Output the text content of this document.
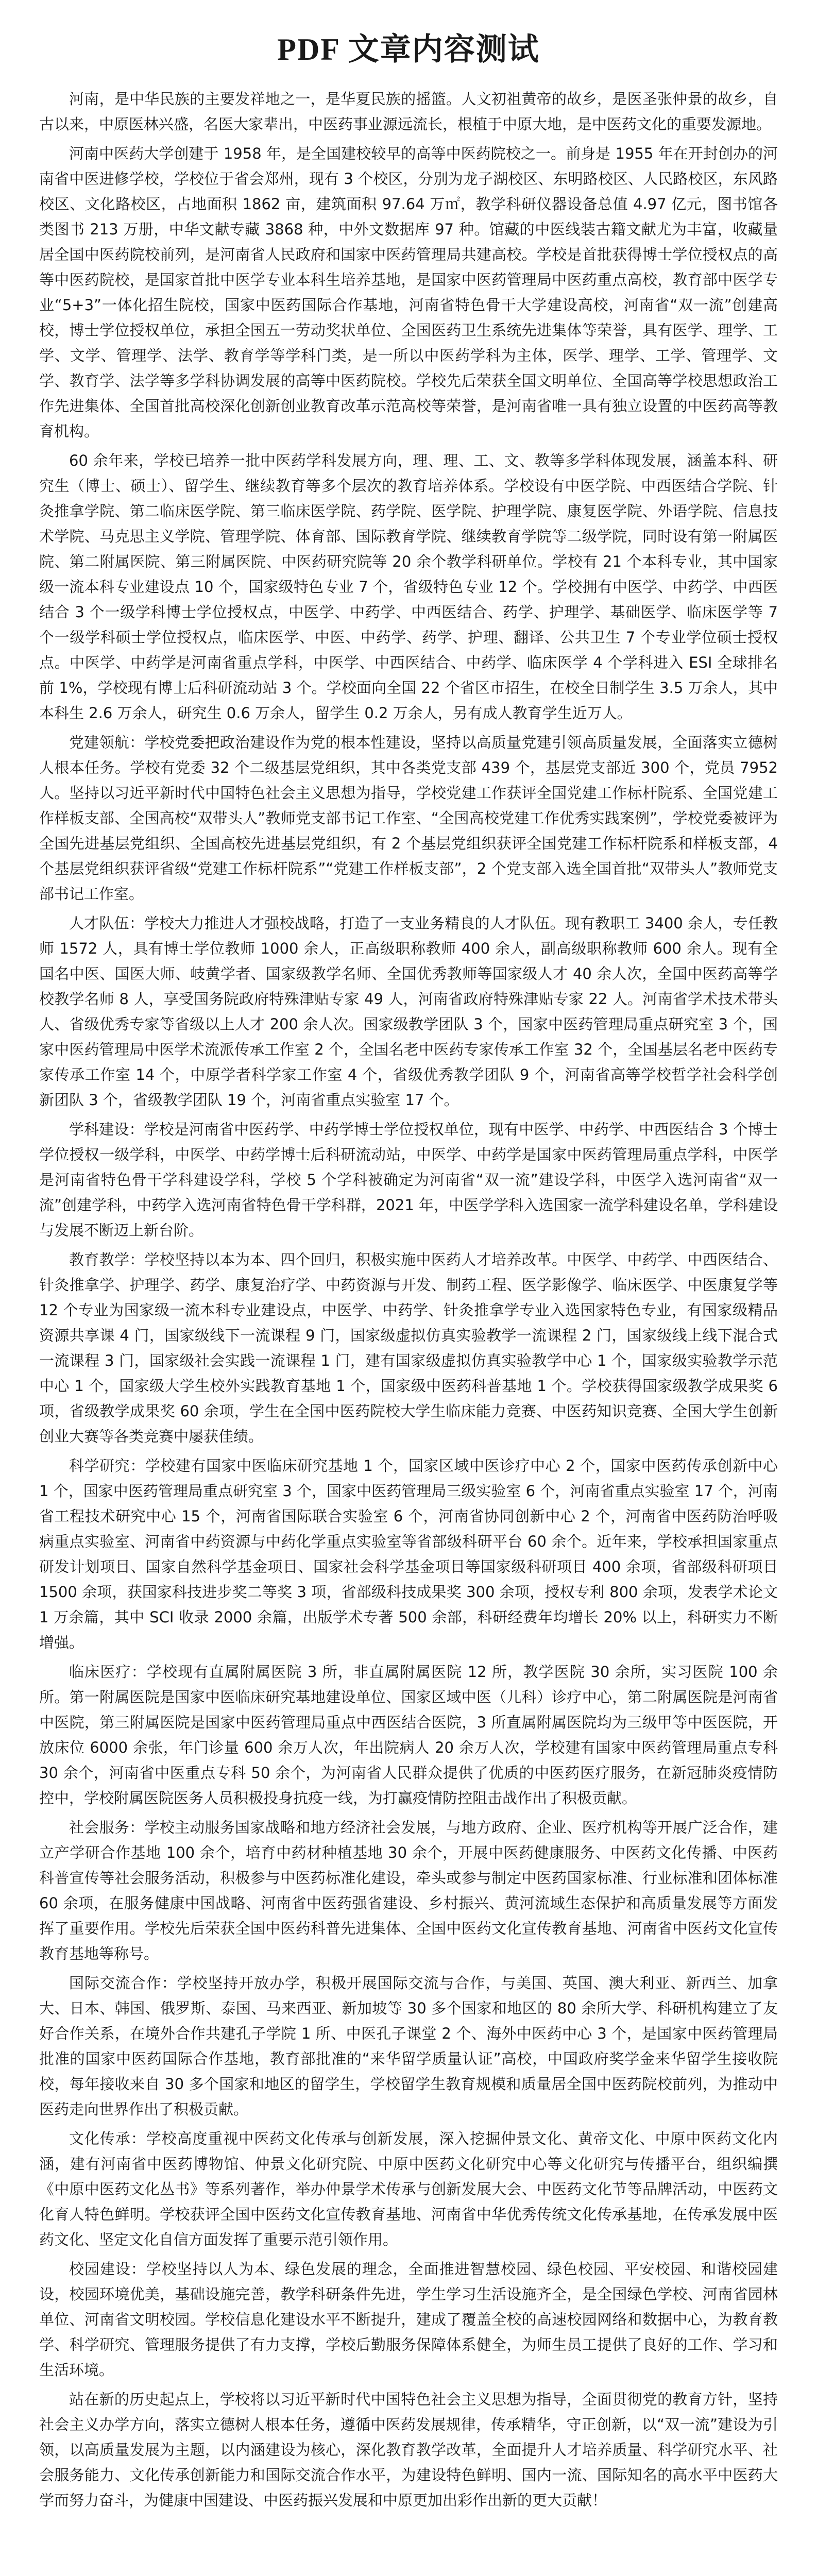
PDF 文章内容测试

河南，是中华民族的主要发祥地之一，是华夏民族的摇篮。人文初祖黄帝的故乡，是医圣张仲景的故乡，自古以来，中原医林兴盛，名医大家辈出，中医药事业源远流长，根植于中原大地，是中医药文化的重要发源地。

河南中医药大学创建于 1958 年，是全国建校较早的高等中医药院校之一。前身是 1955 年在开封创办的河南省中医进修学校，学校位于省会郑州，现有 3 个校区，分别为龙子湖校区、东明路校区、人民路校区，东风路校区、文化路校区，占地面积 1862 亩，建筑面积 97.64 万㎡，教学科研仪器设备总值 4.97 亿元，图书馆各类图书 213 万册，中华文献专藏 3868 种，中外文数据库 97 种。馆藏的中医线装古籍文献尤为丰富，收藏量居全国中医药院校前列，是河南省人民政府和国家中医药管理局共建高校。学校是首批获得博士学位授权点的高等中医药院校，是国家首批中医学专业本科生培养基地，是国家中医药管理局中医药重点高校，教育部中医学专业“5+3”一体化招生院校，国家中医药国际合作基地，河南省特色骨干大学建设高校，河南省“双一流”创建高校，博士学位授权单位，承担全国五一劳动奖状单位、全国医药卫生系统先进集体等荣誉，具有医学、理学、工学、文学、管理学、法学、教育学等学科门类，是一所以中医药学科为主体，医学、理学、工学、管理学、文学、教育学、法学等多学科协调发展的高等中医药院校。学校先后荣获全国文明单位、全国高等学校思想政治工作先进集体、全国首批高校深化创新创业教育改革示范高校等荣誉，是河南省唯一具有独立设置的中医药高等教育机构。

60 余年来，学校已培养一批中医药学科发展方向，理、理、工、文、教等多学科体现发展，涵盖本科、研究生（博士、硕士）、留学生、继续教育等多个层次的教育培养体系。学校设有中医学院、中西医结合学院、针灸推拿学院、第二临床医学院、第三临床医学院、药学院、医学院、护理学院、康复医学院、外语学院、信息技术学院、马克思主义学院、管理学院、体育部、国际教育学院、继续教育学院等二级学院，同时设有第一附属医院、第二附属医院、第三附属医院、中医药研究院等 20 余个教学科研单位。学校有 21 个本科专业，其中国家级一流本科专业建设点 10 个，国家级特色专业 7 个，省级特色专业 12 个。学校拥有中医学、中药学、中西医结合 3 个一级学科博士学位授权点，中医学、中药学、中西医结合、药学、护理学、基础医学、临床医学等 7 个一级学科硕士学位授权点，临床医学、中医、中药学、药学、护理、翻译、公共卫生 7 个专业学位硕士授权点。中医学、中药学是河南省重点学科，中医学、中西医结合、中药学、临床医学 4 个学科进入 ESI 全球排名前 1%，学校现有博士后科研流动站 3 个。学校面向全国 22 个省区市招生，在校全日制学生 3.5 万余人，其中本科生 2.6 万余人，研究生 0.6 万余人，留学生 0.2 万余人，另有成人教育学生近万人。

党建领航：学校党委把政治建设作为党的根本性建设，坚持以高质量党建引领高质量发展，全面落实立德树人根本任务。学校有党委 32 个二级基层党组织，其中各类党支部 439 个，基层党支部近 300 个，党员 7952 人。坚持以习近平新时代中国特色社会主义思想为指导，学校党建工作获评全国党建工作标杆院系、全国党建工作样板支部、全国高校“双带头人”教师党支部书记工作室、“全国高校党建工作优秀实践案例”，学校党委被评为全国先进基层党组织、全国高校先进基层党组织，有 2 个基层党组织获评全国党建工作标杆院系和样板支部，4 个基层党组织获评省级“党建工作标杆院系”“党建工作样板支部”，2 个党支部入选全国首批“双带头人”教师党支部书记工作室。

人才队伍：学校大力推进人才强校战略，打造了一支业务精良的人才队伍。现有教职工 3400 余人，专任教师 1572 人，具有博士学位教师 1000 余人，正高级职称教师 400 余人，副高级职称教师 600 余人。现有全国名中医、国医大师、岐黄学者、国家级教学名师、全国优秀教师等国家级人才 40 余人次，全国中医药高等学校教学名师 8 人，享受国务院政府特殊津贴专家 49 人，河南省政府特殊津贴专家 22 人。河南省学术技术带头人、省级优秀专家等省级以上人才 200 余人次。国家级教学团队 3 个，国家中医药管理局重点研究室 3 个，国家中医药管理局中医学术流派传承工作室 2 个，全国名老中医药专家传承工作室 32 个，全国基层名老中医药专家传承工作室 14 个，中原学者科学家工作室 4 个，省级优秀教学团队 9 个，河南省高等学校哲学社会科学创新团队 3 个，省级教学团队 19 个，河南省重点实验室 17 个。

学科建设：学校是河南省中医药学、中药学博士学位授权单位，现有中医学、中药学、中西医结合 3 个博士学位授权一级学科，中医学、中药学博士后科研流动站，中医学、中药学是国家中医药管理局重点学科，中医学是河南省特色骨干学科建设学科，学校 5 个学科被确定为河南省“双一流”建设学科，中医学入选河南省“双一流”创建学科，中药学入选河南省特色骨干学科群，2021 年，中医学学科入选国家一流学科建设名单，学科建设与发展不断迈上新台阶。

教育教学：学校坚持以本为本、四个回归，积极实施中医药人才培养改革。中医学、中药学、中西医结合、针灸推拿学、护理学、药学、康复治疗学、中药资源与开发、制药工程、医学影像学、临床医学、中医康复学等 12 个专业为国家级一流本科专业建设点，中医学、中药学、针灸推拿学专业入选国家特色专业，有国家级精品资源共享课 4 门，国家级线下一流课程 9 门，国家级虚拟仿真实验教学一流课程 2 门，国家级线上线下混合式一流课程 3 门，国家级社会实践一流课程 1 门，建有国家级虚拟仿真实验教学中心 1 个，国家级实验教学示范中心 1 个，国家级大学生校外实践教育基地 1 个，国家级中医药科普基地 1 个。学校获得国家级教学成果奖 6 项，省级教学成果奖 60 余项，学生在全国中医药院校大学生临床能力竞赛、中医药知识竞赛、全国大学生创新创业大赛等各类竞赛中屡获佳绩。

科学研究：学校建有国家中医临床研究基地 1 个，国家区域中医诊疗中心 2 个，国家中医药传承创新中心 1 个，国家中医药管理局重点研究室 3 个，国家中医药管理局三级实验室 6 个，河南省重点实验室 17 个，河南省工程技术研究中心 15 个，河南省国际联合实验室 6 个，河南省协同创新中心 2 个，河南省中医药防治呼吸病重点实验室、河南省中药资源与中药化学重点实验室等省部级科研平台 60 余个。近年来，学校承担国家重点研发计划项目、国家自然科学基金项目、国家社会科学基金项目等国家级科研项目 400 余项，省部级科研项目 1500 余项，获国家科技进步奖二等奖 3 项，省部级科技成果奖 300 余项，授权专利 800 余项，发表学术论文 1 万余篇，其中 SCI 收录 2000 余篇，出版学术专著 500 余部，科研经费年均增长 20% 以上，科研实力不断增强。

临床医疗：学校现有直属附属医院 3 所，非直属附属医院 12 所，教学医院 30 余所，实习医院 100 余所。第一附属医院是国家中医临床研究基地建设单位、国家区域中医（儿科）诊疗中心，第二附属医院是河南省中医院，第三附属医院是国家中医药管理局重点中西医结合医院，3 所直属附属医院均为三级甲等中医医院，开放床位 6000 余张，年门诊量 600 余万人次，年出院病人 20 余万人次，学校建有国家中医药管理局重点专科 30 余个，河南省中医重点专科 50 余个，为河南省人民群众提供了优质的中医药医疗服务，在新冠肺炎疫情防控中，学校附属医院医务人员积极投身抗疫一线，为打赢疫情防控阻击战作出了积极贡献。

社会服务：学校主动服务国家战略和地方经济社会发展，与地方政府、企业、医疗机构等开展广泛合作，建立产学研合作基地 100 余个，培育中药材种植基地 30 余个，开展中医药健康服务、中医药文化传播、中医药科普宣传等社会服务活动，积极参与中医药标准化建设，牵头或参与制定中医药国家标准、行业标准和团体标准 60 余项，在服务健康中国战略、河南省中医药强省建设、乡村振兴、黄河流域生态保护和高质量发展等方面发挥了重要作用。学校先后荣获全国中医药科普先进集体、全国中医药文化宣传教育基地、河南省中医药文化宣传教育基地等称号。

国际交流合作：学校坚持开放办学，积极开展国际交流与合作，与美国、英国、澳大利亚、新西兰、加拿大、日本、韩国、俄罗斯、泰国、马来西亚、新加坡等 30 多个国家和地区的 80 余所大学、科研机构建立了友好合作关系，在境外合作共建孔子学院 1 所、中医孔子课堂 2 个、海外中医药中心 3 个，是国家中医药管理局批准的国家中医药国际合作基地，教育部批准的“来华留学质量认证”高校，中国政府奖学金来华留学生接收院校，每年接收来自 30 多个国家和地区的留学生，学校留学生教育规模和质量居全国中医药院校前列，为推动中医药走向世界作出了积极贡献。

文化传承：学校高度重视中医药文化传承与创新发展，深入挖掘仲景文化、黄帝文化、中原中医药文化内涵，建有河南省中医药博物馆、仲景文化研究院、中原中医药文化研究中心等文化研究与传播平台，组织编撰《中原中医药文化丛书》等系列著作，举办仲景学术传承与创新发展大会、中医药文化节等品牌活动，中医药文化育人特色鲜明。学校获评全国中医药文化宣传教育基地、河南省中华优秀传统文化传承基地，在传承发展中医药文化、坚定文化自信方面发挥了重要示范引领作用。

校园建设：学校坚持以人为本、绿色发展的理念，全面推进智慧校园、绿色校园、平安校园、和谐校园建设，校园环境优美，基础设施完善，教学科研条件先进，学生学习生活设施齐全，是全国绿色学校、河南省园林单位、河南省文明校园。学校信息化建设水平不断提升，建成了覆盖全校的高速校园网络和数据中心，为教育教学、科学研究、管理服务提供了有力支撑，学校后勤服务保障体系健全，为师生员工提供了良好的工作、学习和生活环境。

站在新的历史起点上，学校将以习近平新时代中国特色社会主义思想为指导，全面贯彻党的教育方针，坚持社会主义办学方向，落实立德树人根本任务，遵循中医药发展规律，传承精华，守正创新，以“双一流”建设为引领，以高质量发展为主题，以内涵建设为核心，深化教育教学改革，全面提升人才培养质量、科学研究水平、社会服务能力、文化传承创新能力和国际交流合作水平，为建设特色鲜明、国内一流、国际知名的高水平中医药大学而努力奋斗，为健康中国建设、中医药振兴发展和中原更加出彩作出新的更大贡献！
